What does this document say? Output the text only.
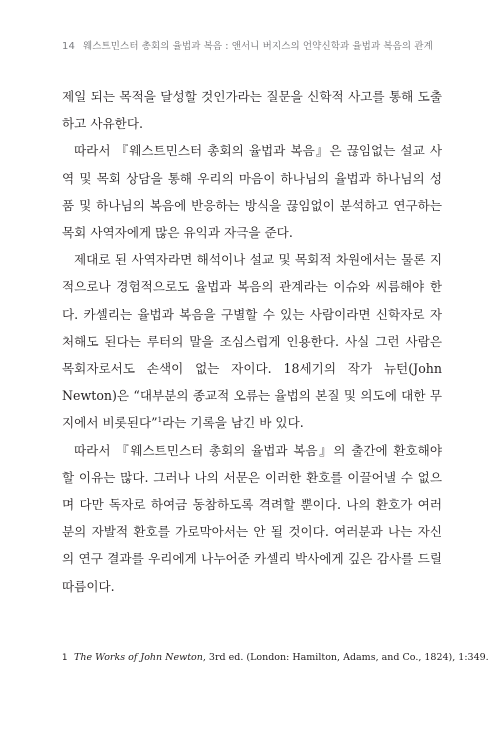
14 웨스트민스터 총회의 율법과 복음 : 앤서니 버지스의 언약신학과 율법과 복음의 관계

제일 되는 목적을 달성할 것인가라는 질문을 신학적 사고를 통해 도출하고 사유한다.

따라서 『웨스트민스터 총회의 율법과 복음』은 끊임없는 설교 사역 및 목회 상담을 통해 우리의 마음이 하나님의 율법과 하나님의 성품 및 하나님의 복음에 반응하는 방식을 끊임없이 분석하고 연구하는 목회 사역자에게 많은 유익과 자극을 준다.

제대로 된 사역자라면 해석이나 설교 및 목회적 차원에서는 물론 지적으로나 경험적으로도 율법과 복음의 관계라는 이슈와 씨름해야 한다. 카셀리는 율법과 복음을 구별할 수 있는 사람이라면 신학자로 자처해도 된다는 루터의 말을 조심스럽게 인용한다. 사실 그런 사람은 목회자로서도 손색이 없는 자이다. 18세기의 작가 뉴턴(John Newton)은 “대부분의 종교적 오류는 율법의 본질 및 의도에 대한 무지에서 비롯된다”$^1$라는 기록을 남긴 바 있다.

따라서 『웨스트민스터 총회의 율법과 복음』의 출간에 환호해야 할 이유는 많다. 그러나 나의 서문은 이러한 환호를 이끌어낼 수 없으며 다만 독자로 하여금 동참하도록 격려할 뿐이다. 나의 환호가 여러분의 자발적 환호를 가로막아서는 안 될 것이다. 여러분과 나는 자신의 연구 결과를 우리에게 나누어준 카셀리 박사에게 깊은 감사를 드릴 따름이다.

1 The Works of John Newton, 3rd ed. (London: Hamilton, Adams, and Co., 1824), 1:349.
